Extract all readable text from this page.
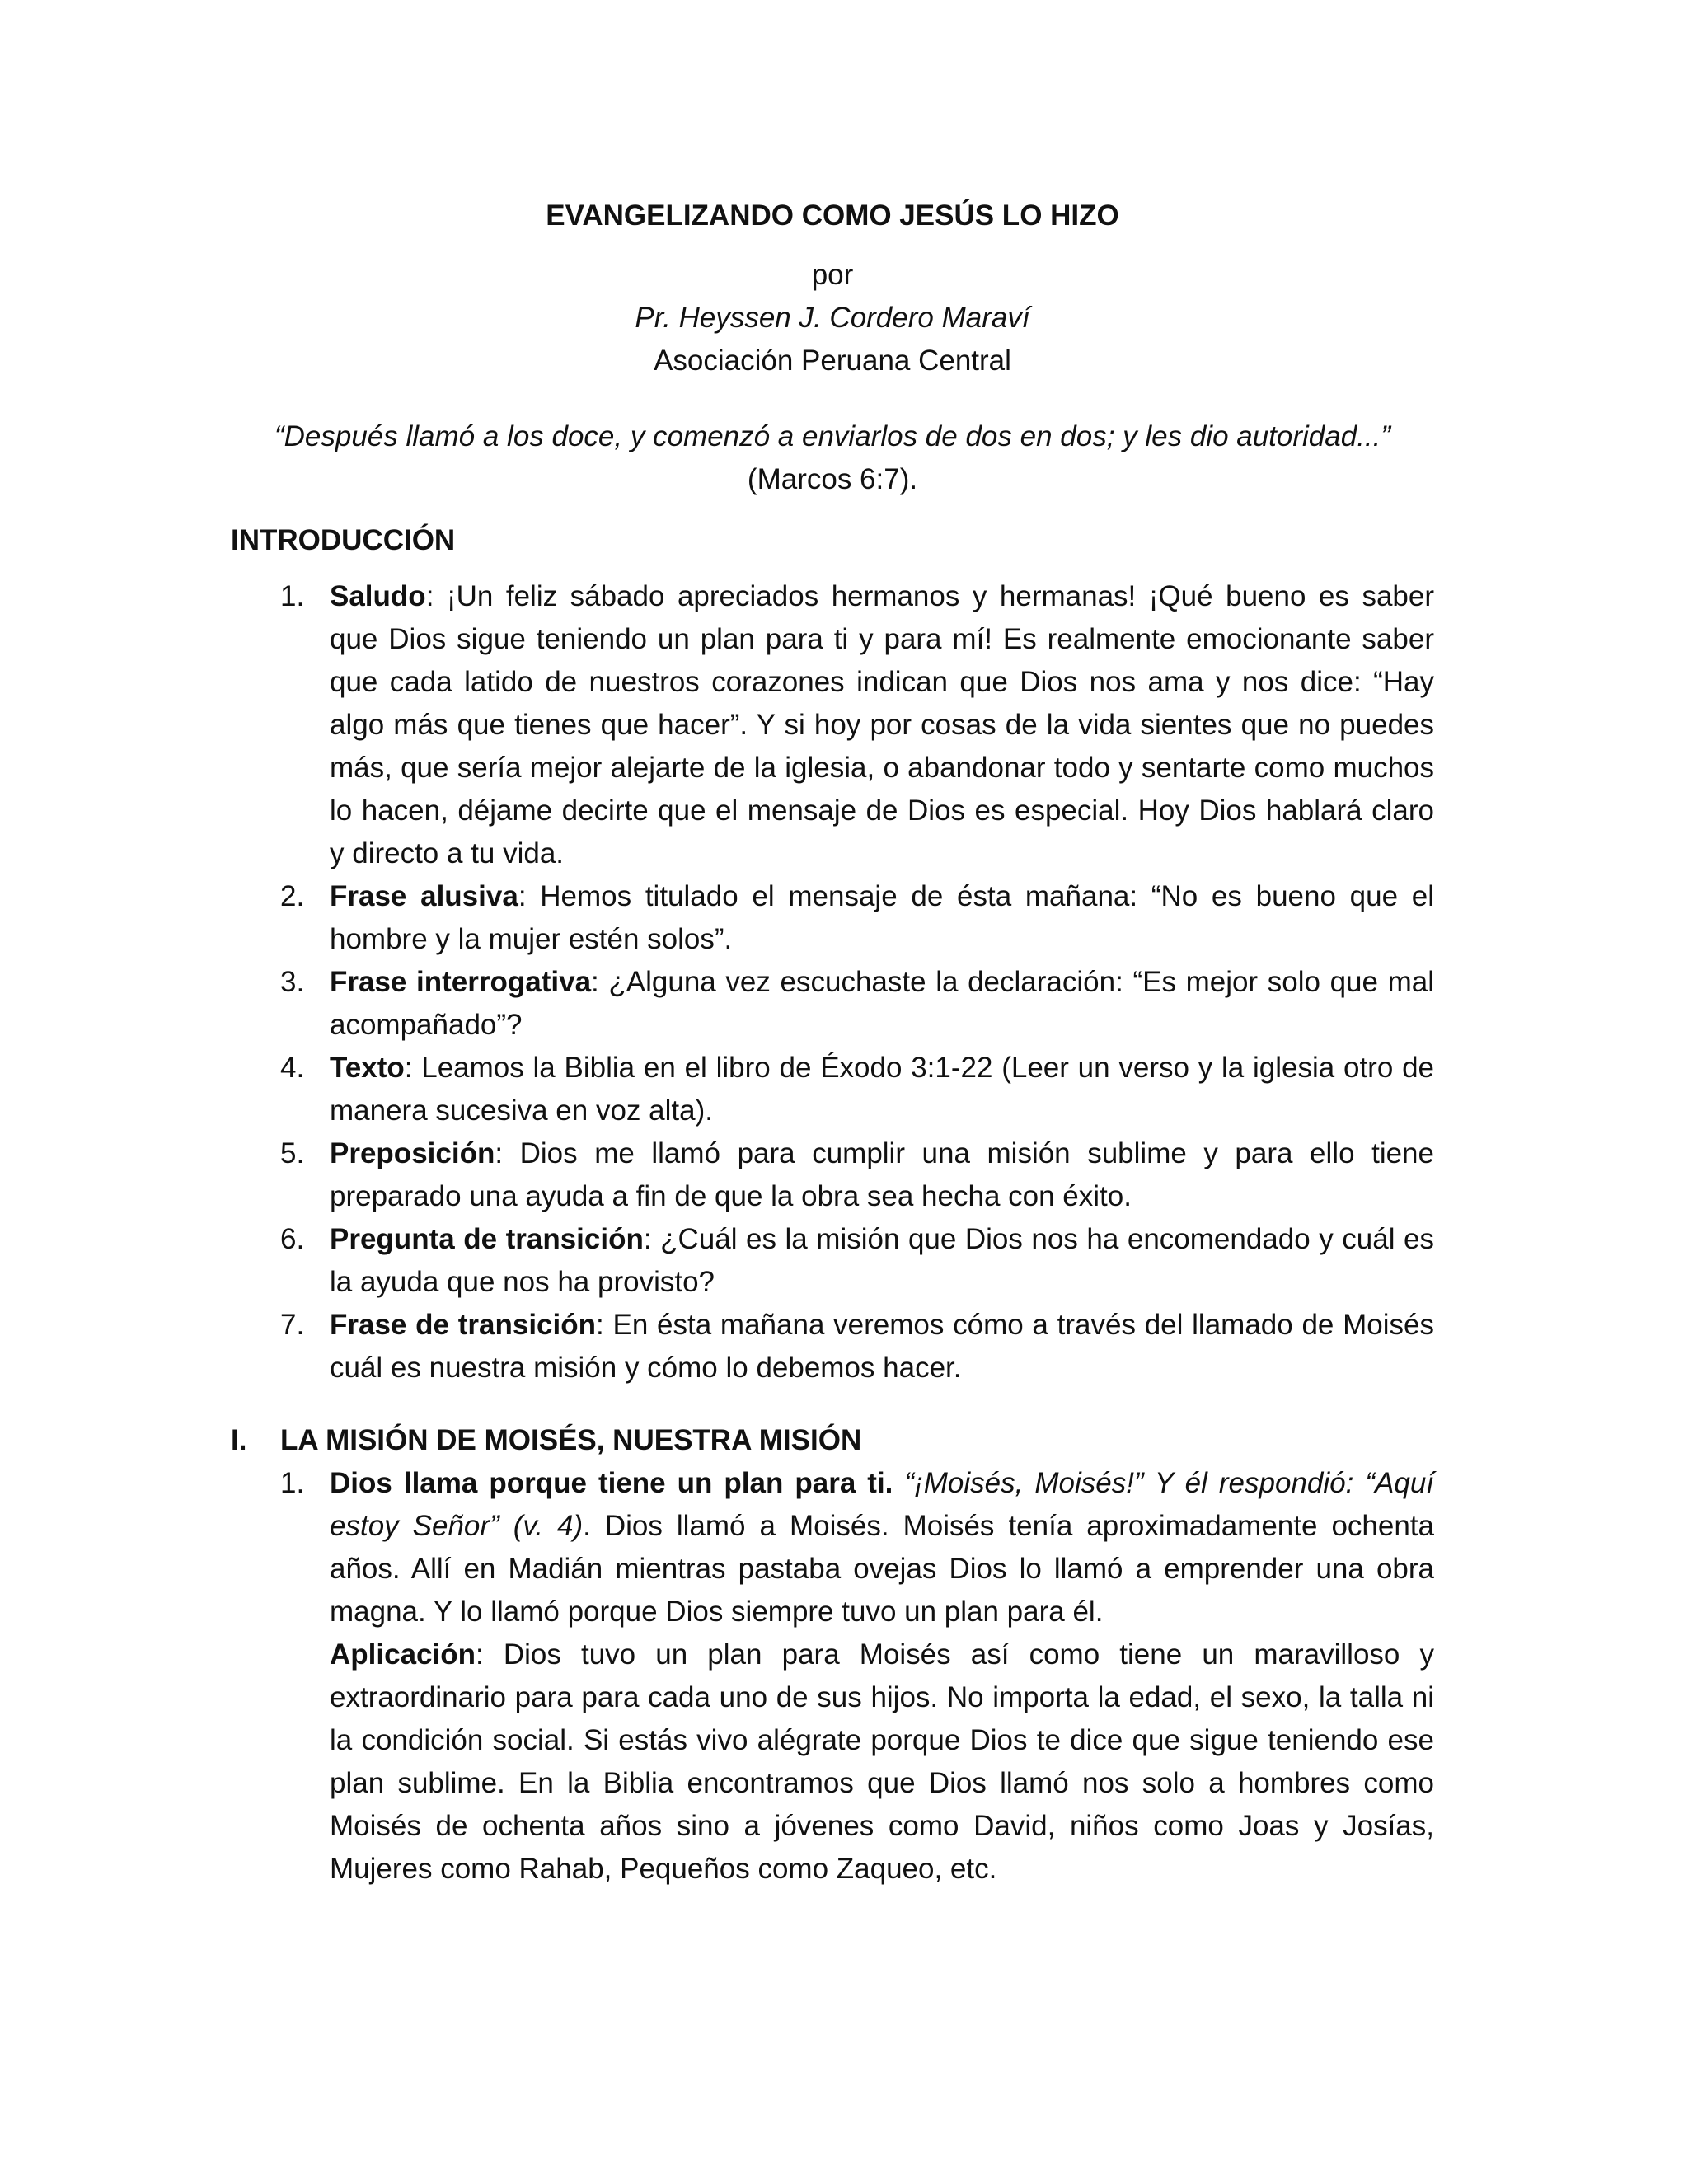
EVANGELIZANDO COMO JESÚS LO HIZO
por
Pr. Heyssen J. Cordero Maraví
Asociación Peruana Central
“Después llamó a los doce, y comenzó a enviarlos de dos en dos; y les dio autoridad...”
(Marcos 6:7).
INTRODUCCIÓN
1. Saludo: ¡Un feliz sábado apreciados hermanos y hermanas! ¡Qué bueno es saber que Dios sigue teniendo un plan para ti y para mí! Es realmente emocionante saber que cada latido de nuestros corazones indican que Dios nos ama y nos dice: “Hay algo más que tienes que hacer”. Y si hoy por cosas de la vida sientes que no puedes más, que sería mejor alejarte de la iglesia, o abandonar todo y sentarte como muchos lo hacen, déjame decirte que el mensaje de Dios es especial. Hoy Dios hablará claro y directo a tu vida.
2. Frase alusiva: Hemos titulado el mensaje de ésta mañana: “No es bueno que el hombre y la mujer estén solos”.
3. Frase interrogativa: ¿Alguna vez escuchaste la declaración: “Es mejor solo que mal acompañado”?
4. Texto: Leamos la Biblia en el libro de Éxodo 3:1-22 (Leer un verso y la iglesia otro de manera sucesiva en voz alta).
5. Preposición: Dios me llamó para cumplir una misión sublime y para ello tiene preparado una ayuda a fin de que la obra sea hecha con éxito.
6. Pregunta de transición: ¿Cuál es la misión que Dios nos ha encomendado y cuál es la ayuda que nos ha provisto?
7. Frase de transición: En ésta mañana veremos cómo a través del llamado de Moisés cuál es nuestra misión y cómo lo debemos hacer.
I. LA MISIÓN DE MOISÉS, NUESTRA MISIÓN
1. Dios llama porque tiene un plan para ti. “¡Moisés, Moisés!” Y él respondió: “Aquí estoy Señor” (v. 4). Dios llamó a Moisés. Moisés tenía aproximadamente ochenta años. Allí en Madián mientras pastaba ovejas Dios lo llamó a emprender una obra magna. Y lo llamó porque Dios siempre tuvo un plan para él.
Aplicación: Dios tuvo un plan para Moisés así como tiene un maravilloso y extraordinario para para cada uno de sus hijos. No importa la edad, el sexo, la talla ni la condición social. Si estás vivo alégrate porque Dios te dice que sigue teniendo ese plan sublime. En la Biblia encontramos que Dios llamó nos solo a hombres como Moisés de ochenta años sino a jóvenes como David, niños como Joas y Josías, Mujeres como Rahab, Pequeños como Zaqueo, etc.
